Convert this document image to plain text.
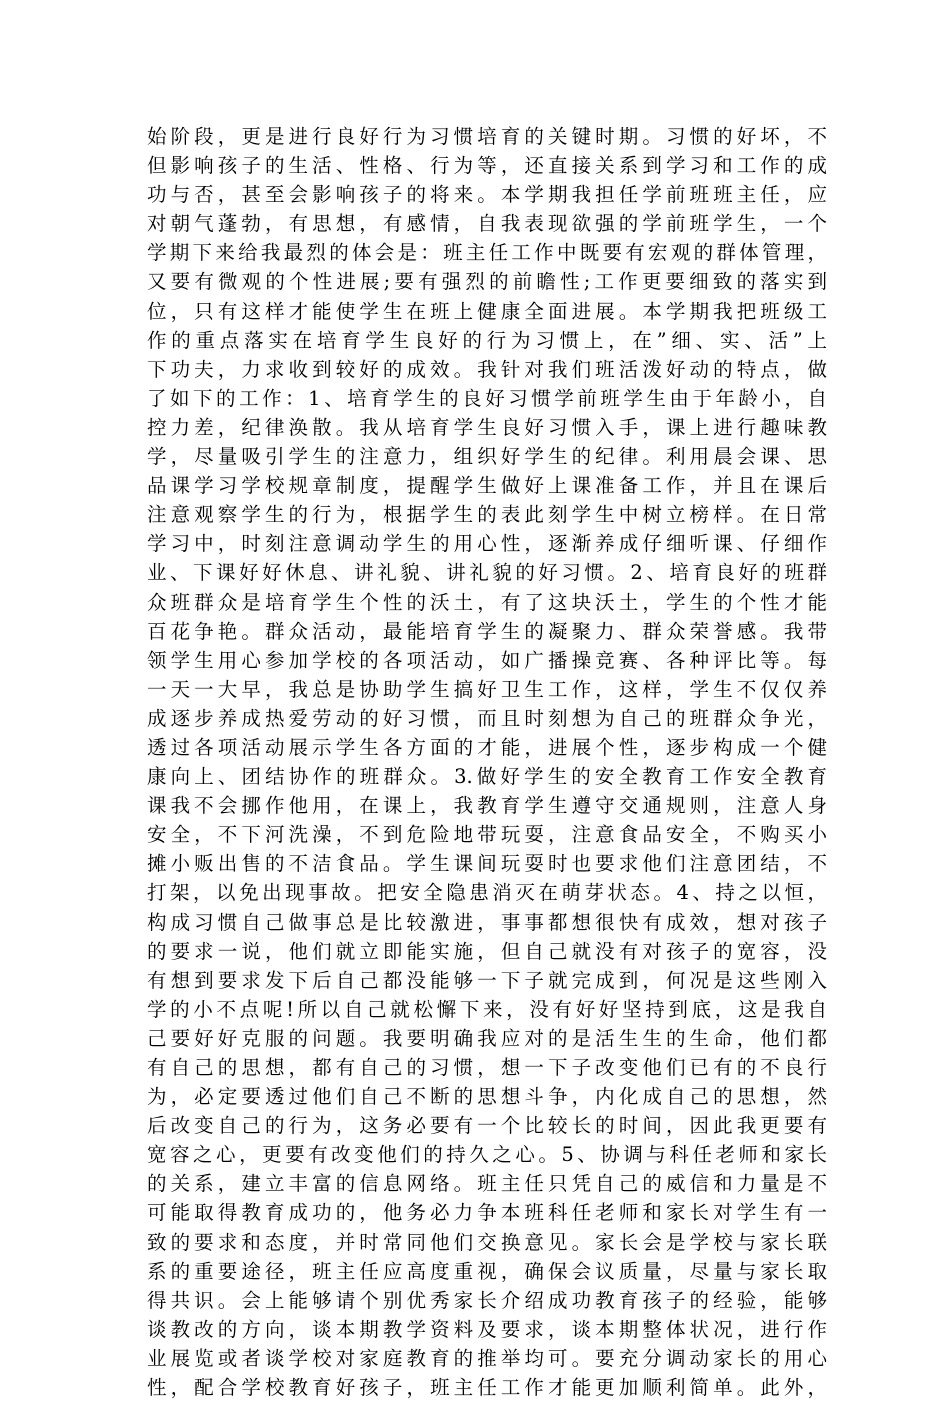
始阶段，更是进行良好行为习惯培育的关键时期。习惯的好坏，不
但影响孩子的生活、性格、行为等，还直接关系到学习和工作的成
功与否，甚至会影响孩子的将来。本学期我担任学前班班主任，应
对朝气蓬勃，有思想，有感情，自我表现欲强的学前班学生，一个
学期下来给我最烈的体会是：班主任工作中既要有宏观的群体管理，
又要有微观的个性进展;要有强烈的前瞻性;工作更要细致的落实到
位，只有这样才能使学生在班上健康全面进展。本学期我把班级工
作的重点落实在培育学生良好的行为习惯上，在”细、实、活”上
下功夫，力求收到较好的成效。我针对我们班活泼好动的特点，做
了如下的工作：1、培育学生的良好习惯学前班学生由于年龄小，自
控力差，纪律涣散。我从培育学生良好习惯入手，课上进行趣味教
学，尽量吸引学生的注意力，组织好学生的纪律。利用晨会课、思
品课学习学校规章制度，提醒学生做好上课准备工作，并且在课后
注意观察学生的行为，根据学生的表此刻学生中树立榜样。在日常
学习中，时刻注意调动学生的用心性，逐渐养成仔细听课、仔细作
业、下课好好休息、讲礼貌、讲礼貌的好习惯。2、培育良好的班群
众班群众是培育学生个性的沃土，有了这块沃土，学生的个性才能
百花争艳。群众活动，最能培育学生的凝聚力、群众荣誉感。我带
领学生用心参加学校的各项活动，如广播操竞赛、各种评比等。每
一天一大早，我总是协助学生搞好卫生工作，这样，学生不仅仅养
成逐步养成热爱劳动的好习惯，而且时刻想为自己的班群众争光，
透过各项活动展示学生各方面的才能，进展个性，逐步构成一个健
康向上、团结协作的班群众。3.做好学生的安全教育工作安全教育
课我不会挪作他用，在课上，我教育学生遵守交通规则，注意人身
安全，不下河洗澡，不到危险地带玩耍，注意食品安全，不购买小
摊小贩出售的不洁食品。学生课间玩耍时也要求他们注意团结，不
打架，以免出现事故。把安全隐患消灭在萌芽状态。4、持之以恒，
构成习惯自己做事总是比较激进，事事都想很快有成效，想对孩子
的要求一说，他们就立即能实施，但自己就没有对孩子的宽容，没
有想到要求发下后自己都没能够一下子就完成到，何况是这些刚入
学的小不点呢!所以自己就松懈下来，没有好好坚持到底，这是我自
己要好好克服的问题。我要明确我应对的是活生生的生命，他们都
有自己的思想，都有自己的习惯，想一下子改变他们已有的不良行
为，必定要透过他们自己不断的思想斗争，内化成自己的思想，然
后改变自己的行为，这务必要有一个比较长的时间，因此我更要有
宽容之心，更要有改变他们的持久之心。5、协调与科任老师和家长
的关系，建立丰富的信息网络。班主任只凭自己的威信和力量是不
可能取得教育成功的，他务必力争本班科任老师和家长对学生有一
致的要求和态度，并时常同他们交换意见。家长会是学校与家长联
系的重要途径，班主任应高度重视，确保会议质量，尽量与家长取
得共识。会上能够请个别优秀家长介绍成功教育孩子的经验，能够
谈教改的方向，谈本期教学资料及要求，谈本期整体状况，进行作
业展览或者谈学校对家庭教育的推举均可。要充分调动家长的用心
性，配合学校教育好孩子，班主任工作才能更加顺利简单。此外，
